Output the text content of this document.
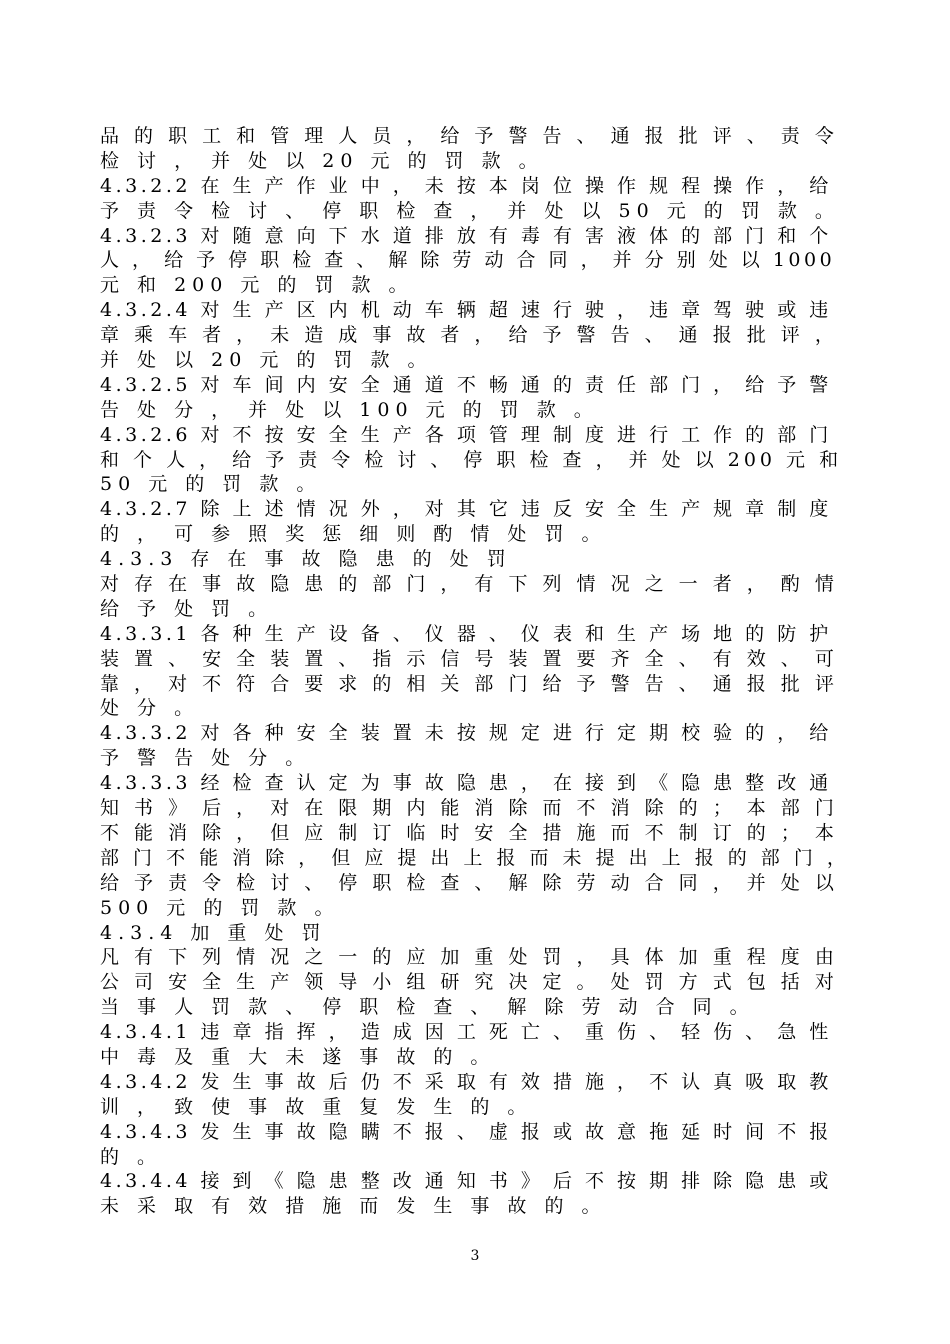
品 的 职 工 和 管 理 人 员 ， 给 予 警 告 、 通 报 批 评 、 责 令
检 讨 ， 并 处 以 20 元 的 罚 款 。
4.3.2.2 在 生 产 作 业 中 ， 未 按 本 岗 位 操 作 规 程 操 作 ， 给
予 责 令 检 讨 、 停 职 检 查 ， 并 处 以 50 元 的 罚 款 。
4.3.2.3 对 随 意 向 下 水 道 排 放 有 毒 有 害 液 体 的 部 门 和 个
人 ， 给 予 停 职 检 查 、 解 除 劳 动 合 同 ， 并 分 别 处 以 1000
元 和 200 元 的 罚 款 。
4.3.2.4 对 生 产 区 内 机 动 车 辆 超 速 行 驶 ， 违 章 驾 驶 或 违
章 乘 车 者 ， 未 造 成 事 故 者 ， 给 予 警 告 、 通 报 批 评 ，
并 处 以 20 元 的 罚 款 。
4.3.2.5 对 车 间 内 安 全 通 道 不 畅 通 的 责 任 部 门 ， 给 予 警
告 处 分 ， 并 处 以 100 元 的 罚 款 。
4.3.2.6 对 不 按 安 全 生 产 各 项 管 理 制 度 进 行 工 作 的 部 门
和 个 人 ， 给 予 责 令 检 讨 、 停 职 检 查 ， 并 处 以 200 元 和
50 元 的 罚 款 。
4.3.2.7 除 上 述 情 况 外 ， 对 其 它 违 反 安 全 生 产 规 章 制 度
的 ， 可 参 照 奖 惩 细 则 酌 情 处 罚 。
4.3.3 存 在 事 故 隐 患 的 处 罚
对 存 在 事 故 隐 患 的 部 门 ， 有 下 列 情 况 之 一 者 ， 酌 情
给 予 处 罚 。
4.3.3.1 各 种 生 产 设 备 、 仪 器 、 仪 表 和 生 产 场 地 的 防 护
装 置 、 安 全 装 置 、 指 示 信 号 装 置 要 齐 全 、 有 效 、 可
靠 ， 对 不 符 合 要 求 的 相 关 部 门 给 予 警 告 、 通 报 批 评
处 分 。
4.3.3.2 对 各 种 安 全 装 置 未 按 规 定 进 行 定 期 校 验 的 ， 给
予 警 告 处 分 。
4.3.3.3 经 检 查 认 定 为 事 故 隐 患 ， 在 接 到 《 隐 患 整 改 通
知 书 》 后 ， 对 在 限 期 内 能 消 除 而 不 消 除 的 ； 本 部 门
不 能 消 除 ， 但 应 制 订 临 时 安 全 措 施 而 不 制 订 的 ； 本
部 门 不 能 消 除 ， 但 应 提 出 上 报 而 未 提 出 上 报 的 部 门 ，
给 予 责 令 检 讨 、 停 职 检 查 、 解 除 劳 动 合 同 ， 并 处 以
500 元 的 罚 款 。
4.3.4 加 重 处 罚
凡 有 下 列 情 况 之 一 的 应 加 重 处 罚 ， 具 体 加 重 程 度 由
公 司 安 全 生 产 领 导 小 组 研 究 决 定 。 处 罚 方 式 包 括 对
当 事 人 罚 款 、 停 职 检 查 、 解 除 劳 动 合 同 。
4.3.4.1 违 章 指 挥 ， 造 成 因 工 死 亡 、 重 伤 、 轻 伤 、 急 性
中 毒 及 重 大 未 遂 事 故 的 。
4.3.4.2 发 生 事 故 后 仍 不 采 取 有 效 措 施 ， 不 认 真 吸 取 教
训 ， 致 使 事 故 重 复 发 生 的 。
4.3.4.3 发 生 事 故 隐 瞒 不 报 、 虚 报 或 故 意 拖 延 时 间 不 报
的 。
4.3.4.4 接 到 《 隐 患 整 改 通 知 书 》 后 不 按 期 排 除 隐 患 或
未 采 取 有 效 措 施 而 发 生 事 故 的 。
3
